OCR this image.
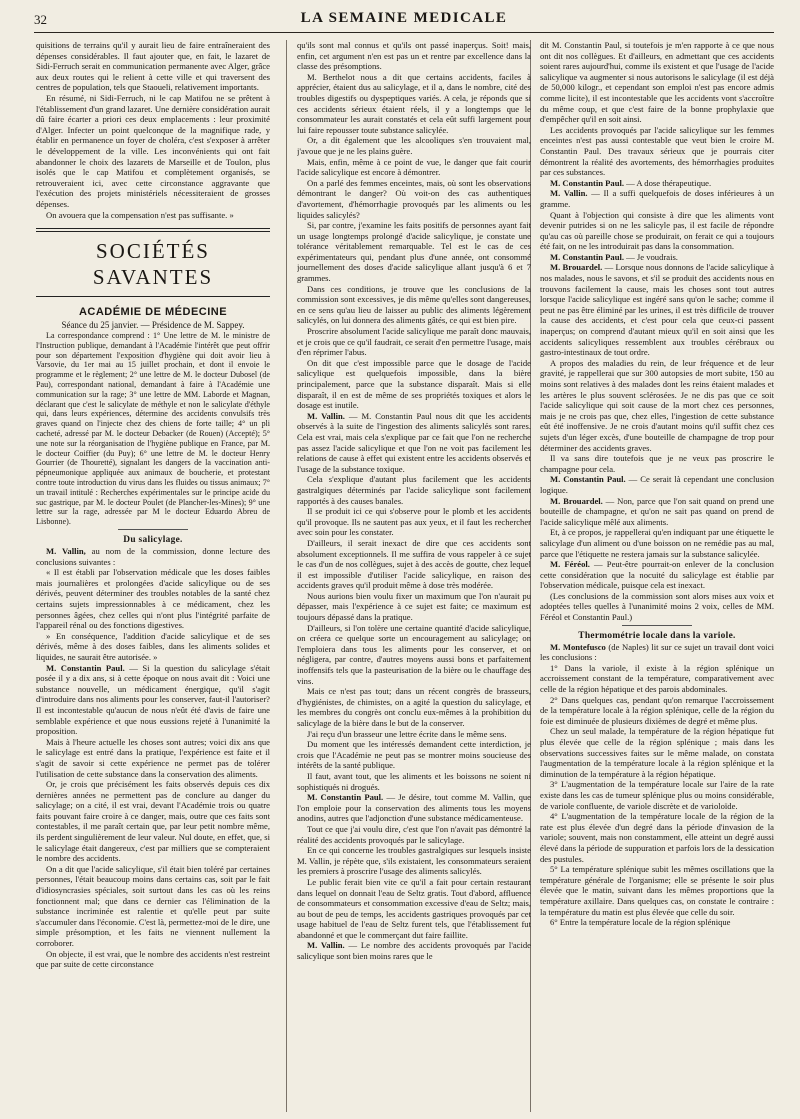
32	LA SEMAINE MEDICALE

quisitions de terrains qu'il y aurait lieu de faire entraîneraient des dépenses considérables. Il faut ajouter que, en fait, le lazaret de Sidi-Ferruch serait en communication permanente avec Alger, grâce aux deux routes qui le relient à cette ville et qui traversent des centres de population, tels que Staoueli, relativement importants.

En résumé, ni Sidi-Ferruch, ni le cap Matifou ne se prêtent à l'établissement d'un grand lazaret. Une dernière considération aurait dû faire écarter a priori ces deux emplacements : leur proximité d'Alger. Infecter un point quelconque de la magnifique rade, y établir en permanence un foyer de choléra, c'est s'exposer à arrêter le développement de la ville. Les inconvénients qui ont fait abandonner le choix des lazarets de Marseille et de Toulon, plus isolés que le cap Matifou et complètement organisés, se retrouveraient ici, avec cette circonstance aggravante que l'exécution des projets ministériels nécessiteraient de grosses dépenses.

On avouera que la compensation n'est pas suffisante. »

SOCIÉTÉS SAVANTES

ACADÉMIE DE MÉDECINE

Séance du 25 janvier. — Présidence de M. Sappey.

La correspondance comprend : 1° Une lettre de M. le ministre de l'Instruction publique, demandant à l'Académie l'intérêt que peut offrir pour son département l'exposition d'hygiène qui doit avoir lieu à Varsovie, du 1er mai au 15 juillet prochain, et dont il envoie le programme et le règlement; 2° une lettre de M. le docteur Dubosel (de Pau), correspondant national, demandant à faire à l'Académie une communication sur la rage; 3° une lettre de MM. Laborde et Magnan, déclarant que c'est le salicylate de méthyle et non le salicylate d'éthyle qui, dans leurs expériences, détermine des accidents convulsifs très graves quand on l'injecte chez des chiens de forte taille; 4° un pli cacheté, adressé par M. le docteur Debacker (de Rouen) (Accepté); 5° une note sur la réorganisation de l'hygiène publique en France, par M. le docteur Coiffier (du Puy); 6° une lettre de M. le docteur Henry Gourrier (de Thouretté), signalant les dangers de la vaccination anti-pépneumonique appliquée aux animaux de boucherie, et protestant contre toute introduction du virus dans les fluides ou tissus animaux; 7° un travail intitulé : Recherches expérimentales sur le principe acide du suc gastrique, par M. le docteur Poulet (de Plancher-les-Mines); 9° une lettre sur la rage, adressée par M le docteur Eduardo Abreu de Lisbonne).

Du salicylage.

M. Vallin, au nom de la commission, donne lecture des conclusions suivantes :

« Il est établi par l'observation médicale que les doses faibles mais journalières et prolongées d'acide salicylique ou de ses dérivés, peuvent déterminer des troubles notables de la santé chez certains sujets impressionnables à ce médicament, chez les personnes âgées, chez celles qui n'ont plus l'intégrité parfaite de l'appareil rénal ou des fonctions digestives.

» En conséquence, l'addition d'acide salicylique et de ses dérivés, même à des doses faibles, dans les aliments solides et liquides, ne saurait être autorisée. »

M. Constantin Paul. — Si la question du salicylage s'était posée il y a dix ans, si à cette époque on nous avait dit : Voici une substance nouvelle, un médicament énergique, qu'il s'agit d'introduire dans nos aliments pour les conserver, faut-il l'autoriser? Il est incontestable qu'aucun de nous n'eût été d'avis de faire une semblable expérience et que nous eussions rejeté à l'unanimité la proposition.

Mais à l'heure actuelle les choses sont autres; voici dix ans que le salicylage est entré dans la pratique, l'expérience est faite et il s'agit de savoir si cette expérience ne permet pas de tolérer l'utilisation de cette substance dans la conservation des aliments.

Or, je crois que précisément les faits observés depuis ces dix dernières années ne permettent pas de conclure au danger du salicylage; on a cité, il est vrai, devant l'Académie trois ou quatre faits pouvant faire croire à ce danger, mais, outre que ces faits sont contestables, il me paraît certain que, par leur petit nombre même, ils perdent singulièrement de leur valeur. Nul doute, en effet, que, si le salicylage était dangereux, c'est par milliers que se compteraient le nombre des accidents.

On a dit que l'acide salicylique, s'il était bien toléré par certaines personnes, l'était beaucoup moins dans certains cas, soit par le fait d'idiosyncrasies spéciales, soit surtout dans les cas où les reins fonctionnent mal; que dans ce dernier cas l'élimination de la substance incriminée est ralentie et qu'elle peut par suite s'accumuler dans l'économie. C'est là, permettez-moi de le dire, une simple présomption, et les faits ne viennent nullement la corroborer.

On objecte, il est vrai, que le nombre des accidents n'est restreint que par suite de cette circonstance

qu'ils sont mal connus et qu'ils ont passé inaperçus. Soit! mais, enfin, cet argument n'en est pas un et rentre par excellence dans la classe des présomptions.

M. Berthelot nous a dit que certains accidents, faciles à apprécier, étaient dus au salicylage, et il a, dans le nombre, cité des troubles digestifs ou dyspeptiques variés. A cela, je réponds que si ces accidents sérieux étaient réels, il y a longtemps que le consommateur les aurait constatés et cela eût suffi largement pour lui faire repousser toute substance salicylée.

Or, a dit également que les alcooliques s'en trouvaient mal, j'avoue que je ne les plains guère.

Mais, enfin, même à ce point de vue, le danger que fait courir l'acide salicylique est encore à démontrer.

On a parlé des femmes enceintes, mais, où sont les observations démontrant le danger? Où voit-on des cas authentiques d'avortement, d'hémorrhagie provoqués par les aliments ou les liquides salicylés?

Si, par contre, j'examine les faits positifs de personnes ayant fait un usage longtemps prolongé d'acide salicylique, je constate une tolérance véritablement remarquable. Tel est le cas de ces expérimentateurs qui, pendant plus d'une année, ont consommé journellement des doses d'acide salicylique allant jusqu'à 6 et 7 grammes.

Dans ces conditions, je trouve que les conclusions de la commission sont excessives, je dis même qu'elles sont dangereuses, en ce sens qu'au lieu de laisser au public des aliments légèrement salicylés, on lui donnera des aliments gâtés, ce qui est bien pire.

Proscrire absolument l'acide salicylique me paraît donc mauvais, et je crois que ce qu'il faudrait, ce serait d'en permettre l'usage, mais d'en réprimer l'abus.

On dit que c'est impossible parce que le dosage de l'acide salicylique est quelquefois impossible, dans la bière principalement, parce que la substance disparaît. Mais si elle disparaît, il en est de même de ses propriétés toxiques et alors le dosage est inutile.

M. Vallin. — M. Constantin Paul nous dit que les accidents observés à la suite de l'ingestion des aliments salicylés sont rares. Cela est vrai, mais cela s'explique par ce fait que l'on ne recherche pas assez l'acide salicylique et que l'on ne voit pas facilement les relations de cause à effet qui existent entre les accidents observés et l'usage de la substance toxique.

Cela s'explique d'autant plus facilement que les accidents gastralgiques déterminés par l'acide salicylique sont facilement rapportés à des causes banales.

Il se produit ici ce qui s'observe pour le plomb et les accidents qu'il provoque. Ils ne sautent pas aux yeux, et il faut les rechercher avec soin pour les constater.

D'ailleurs, il serait inexact de dire que ces accidents sont absolument exceptionnels. Il me suffira de vous rappeler à ce sujet le cas d'un de nos collègues, sujet à des accès de goutte, chez lequel il est impossible d'utiliser l'acide salicylique, en raison des accidents graves qu'il produit même à dose très modérée.

Nous aurions bien voulu fixer un maximum que l'on n'aurait pu dépasser, mais l'expérience à ce sujet est faite; ce maximum est toujours dépassé dans la pratique.

D'ailleurs, si l'on tolère une certaine quantité d'acide salicylique, on créera ce quelque sorte un encouragement au salicylage; on l'emploiera dans tous les aliments pour les conserver, et on négligera, par contre, d'autres moyens aussi bons et parfaitement inoffensifs tels que la pasteurisation de la bière ou le chauffage des vins.

Mais ce n'est pas tout; dans un récent congrès de brasseurs, d'hygiénistes, de chimistes, on a agité la question du salicylage, et les membres du congrès ont conclu eux-mêmes à la prohibition du salicylage de la bière dans le but de la conserver.

J'ai reçu d'un brasseur une lettre écrite dans le même sens.

Du moment que les intéressés demandent cette interdiction, je crois que l'Académie ne peut pas se montrer moins soucieuse des intérêts de la santé publique.

Il faut, avant tout, que les aliments et les boissons ne soient ni sophistiqués ni drogués.

M. Constantin Paul. — Je désire, tout comme M. Vallin, que l'on emploie pour la conservation des aliments tous les moyens anodins, autres que l'adjonction d'une substance médicamenteuse.

Tout ce que j'ai voulu dire, c'est que l'on n'avait pas démontré la réalité des accidents provoqués par le salicylage.

En ce qui concerne les troubles gastralgiques sur lesquels insiste M. Vallin, je répète que, s'ils existaient, les consommateurs seraient les premiers à proscrire l'usage des aliments salicylés.

Le public ferait bien vite ce qu'il a fait pour certain restaurant dans lequel on donnait l'eau de Seltz gratis. Tout d'abord, affluence de consommateurs et consommation excessive d'eau de Seltz; mais, au bout de peu de temps, les accidents gastriques provoqués par cet usage habituel de l'eau de Seltz furent tels, que l'établissement fut abandonné et que le commerçant dut faire faillite.

M. Vallin. — Le nombre des accidents provoqués par l'acide salicylique sont bien moins rares que le

dit M. Constantin Paul, si toutefois je m'en rapporte à ce que nous ont dit nos collègues. Et d'ailleurs, en admettant que ces accidents soient rares aujourd'hui, comme ils existent et que l'usage de l'acide salicylique va augmenter si nous autorisons le salicylage (il est déjà de 50,000 kilogr., et cependant son emploi n'est pas encore admis comme licite), il est incontestable que les accidents vont s'accroître du même coup, et que c'est faire de la bonne prophylaxie que d'empêcher qu'il en soit ainsi.

Les accidents provoqués par l'acide salicylique sur les femmes enceintes n'est pas aussi contestable que veut bien le croire M. Constantin Paul. Des travaux sérieux que je pourrais citer démontrent la réalité des avortements, des hémorrhagies produites par ces substances.

M. Constantin Paul. — A dose thérapeutique.

M. Vallin. — Il a suffi quelquefois de doses inférieures à un gramme.

Quant à l'objection qui consiste à dire que les aliments vont devenir putrides si on ne les salicyle pas, il est facile de répondre qu'au cas où pareille chose se produirait, on ferait ce qui a toujours été fait, on ne les introduirait pas dans la consommation.

M. Constantin Paul. — Je voudrais.

M. Brouardel. — Lorsque nous donnons de l'acide salicylique à nos malades, nous le savons, et s'il se produit des accidents nous en trouvons facilement la cause, mais les choses sont tout autres lorsque l'acide salicylique est ingéré sans qu'on le sache; comme il peut ne pas être éliminé par les urines, il est très difficile de trouver la cause des accidents, et c'est pour cela que ceux-ci passent inaperçus; on comprend d'autant mieux qu'il en soit ainsi que les accidents salicyliques ressemblent aux troubles cérébraux ou gastro-intestinaux de tout ordre.

A propos des maladies du rein, de leur fréquence et de leur gravité, je rappellerai que sur 300 autopsies de mort subite, 150 au moins sont relatives à des malades dont les reins étaient malades et les artères le plus souvent sclérosées. Je ne dis pas que ce soit l'acide salicylique qui soit cause de la mort chez ces personnes, mais je ne crois pas que, chez elles, l'ingestion de cette substance eût été inoffensive. Je ne crois d'autant moins qu'il suffit chez ces sujets d'un léger excès, d'une bouteille de champagne de trop pour déterminer des accidents graves.

Il va sans dire toutefois que je ne veux pas proscrire le champagne pour cela.

M. Constantin Paul. — Ce serait là cependant une conclusion logique.

M. Brouardel. — Non, parce que l'on sait quand on prend une bouteille de champagne, et qu'on ne sait pas quand on prend de l'acide salicylique mêlé aux aliments.

Et, à ce propos, je rappellerai qu'en indiquant par une étiquette le salicylage d'un aliment ou d'une boisson on ne remédie pas au mal, parce que l'étiquette ne restera jamais sur la substance salicylée.

M. Féréol. — Peut-être pourrait-on enlever de la conclusion cette considération que la nocuité du salicylage est établie par l'observation médicale, puisque cela est inexact.

(Les conclusions de la commission sont alors mises aux voix et adoptées telles quelles à l'unanimité moins 2 voix, celles de MM. Féréol et Constantin Paul.)

Thermométrie locale dans la variole.

M. Montefusco (de Naples) lit sur ce sujet un travail dont voici les conclusions :

1° Dans la variole, il existe à la région splénique un accroissement constant de la température, comparativement avec celle de la région hépatique et des parois abdominales.

2° Dans quelques cas, pendant qu'on remarque l'accroissement de la température locale à la région splénique, celle de la région du foie est diminuée de plusieurs dixièmes de degré et même plus.

Chez un seul malade, la température de la région hépatique fut plus élevée que celle de la région splénique ; mais dans les observations successives faites sur le même malade, on constata l'augmentation de la température locale à la région splénique et la diminution de la température à la région hépatique.

3° L'augmentation de la température locale sur l'aire de la rate existe dans les cas de tumeur splénique plus ou moins considérable, de variole confluente, de variole discrète et de varioloïde.

4° L'augmentation de la température locale de la région de la rate est plus élevée d'un degré dans la période d'invasion de la variole; souvent, mais non constamment, elle atteint un degré aussi élevé dans la période de suppuration et parfois lors de la dessication des pustules.

5° La température splénique subit les mêmes oscillations que la température générale de l'organisme; elle se présente le soir plus élevée que le matin, suivant dans les mêmes proportions que la température axillaire. Dans quelques cas, on constate le contraire : la température du matin est plus élevée que celle du soir.

6° Entre la température locale de la région splénique
